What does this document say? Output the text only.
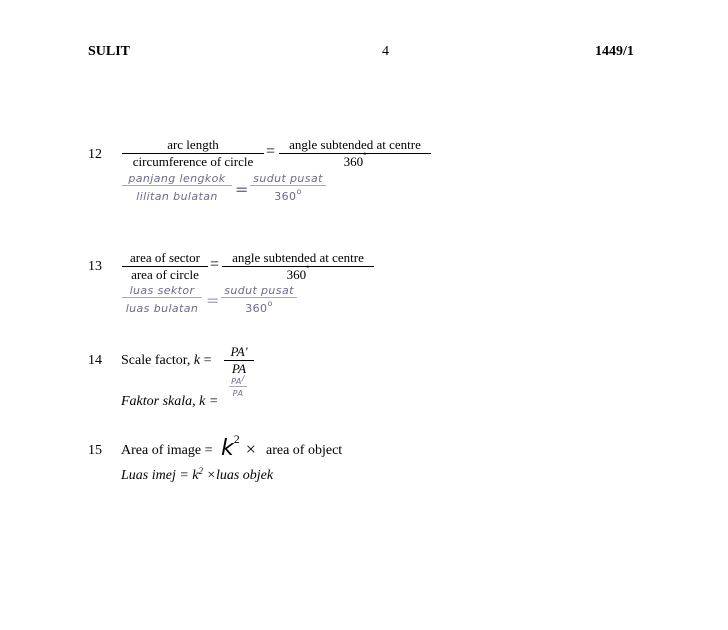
SULIT	4	1449/1
12
arc length
circumference of circle
=	angle subtended at centre
360°
panjang lengkok
lilitan bulatan	=
sudut pusat
360$^o$
13
area of sector
area of circle
=	angle subtended at centre
360°
luas sektor
luas bulatan =
sudut pusat
360$^o$
14 Scale factor, k =
PA'
PA
Faktor skala, k =
PA/
PA
15 Area of image = $k^2$ × area of object
Luas imej = $k^2$ ×luas objek
